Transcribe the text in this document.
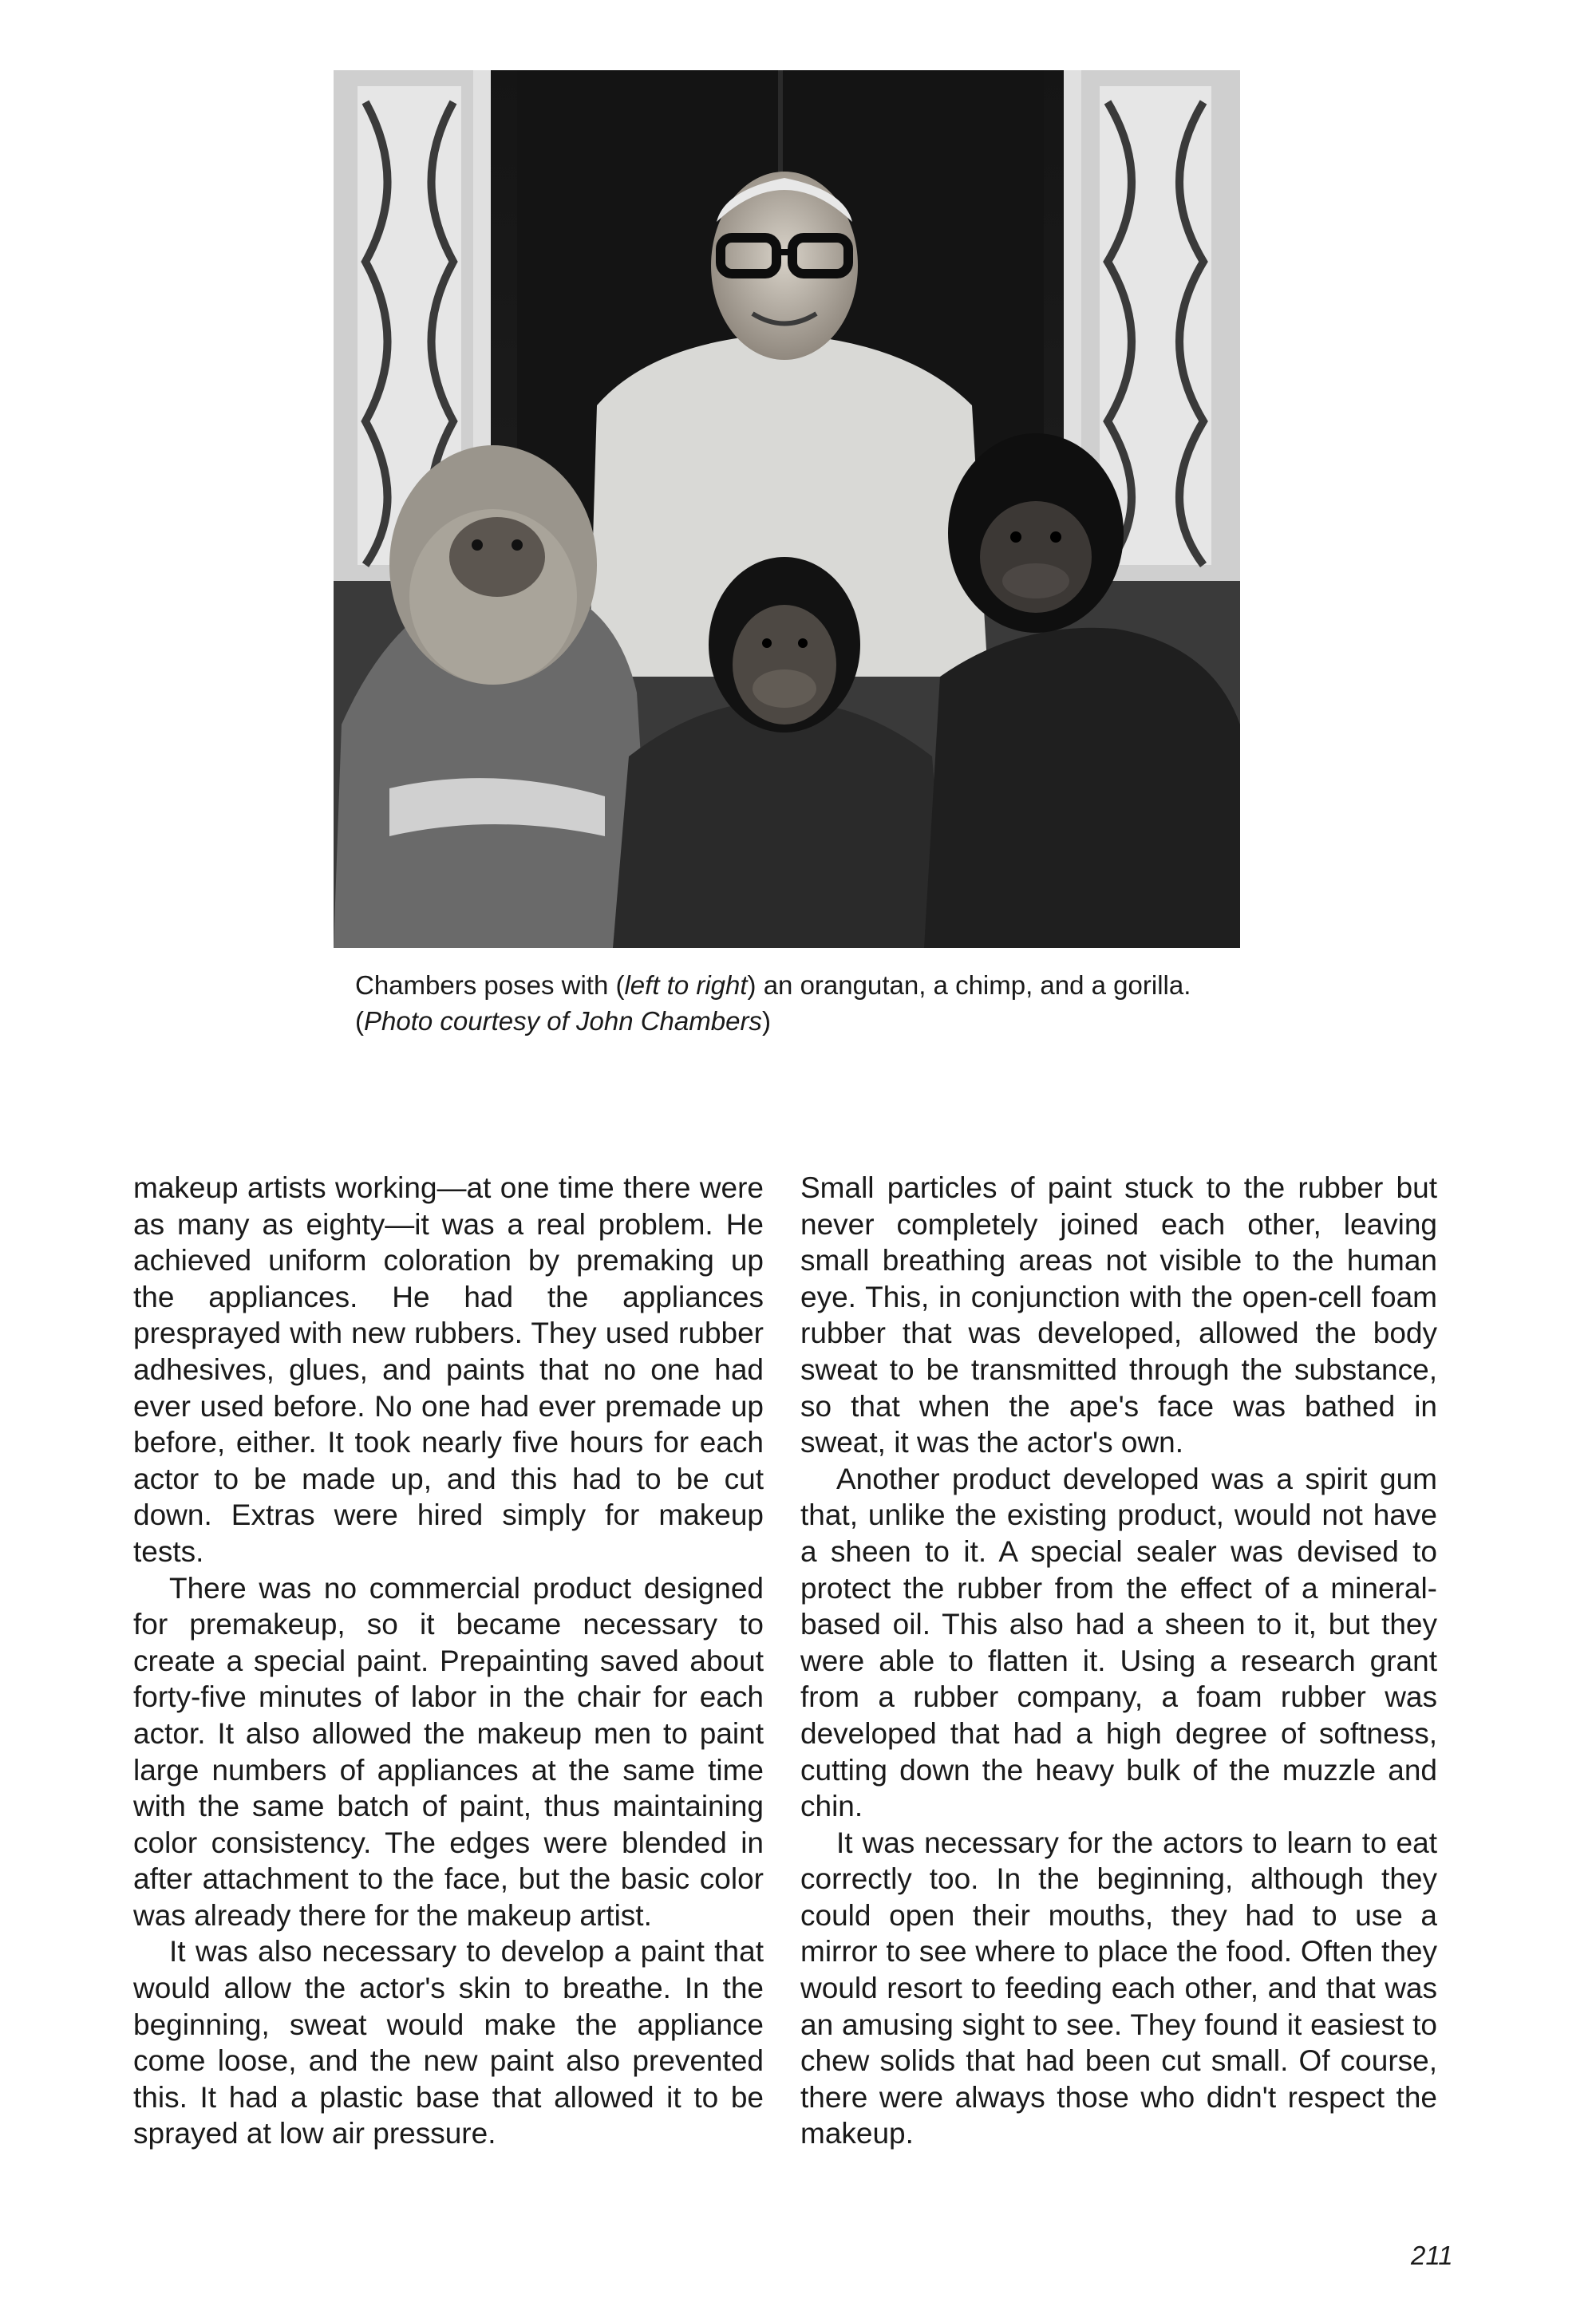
Chambers poses with (left to right) an orangutan, a chimp, and a gorilla. (Photo courtesy of John Chambers)

makeup artists working—at one time there were as many as eighty—it was a real problem. He achieved uniform coloration by premaking up the appliances. He had the appliances presprayed with new rubbers. They used rubber adhesives, glues, and paints that no one had ever used before. No one had ever premade up before, either. It took nearly five hours for each actor to be made up, and this had to be cut down. Extras were hired simply for makeup tests.

There was no commercial product designed for premakeup, so it became necessary to create a special paint. Prepainting saved about forty-five minutes of labor in the chair for each actor. It also allowed the makeup men to paint large numbers of appliances at the same time with the same batch of paint, thus maintaining color consistency. The edges were blended in after attachment to the face, but the basic color was already there for the makeup artist.

It was also necessary to develop a paint that would allow the actor's skin to breathe. In the beginning, sweat would make the appliance come loose, and the new paint also prevented this. It had a plastic base that allowed it to be sprayed at low air pressure.

Small particles of paint stuck to the rubber but never completely joined each other, leaving small breathing areas not visible to the human eye. This, in conjunction with the open-cell foam rubber that was developed, allowed the body sweat to be transmitted through the substance, so that when the ape's face was bathed in sweat, it was the actor's own.

Another product developed was a spirit gum that, unlike the existing product, would not have a sheen to it. A special sealer was devised to protect the rubber from the effect of a mineral-based oil. This also had a sheen to it, but they were able to flatten it. Using a research grant from a rubber company, a foam rubber was developed that had a high degree of softness, cutting down the heavy bulk of the muzzle and chin.

It was necessary for the actors to learn to eat correctly too. In the beginning, although they could open their mouths, they had to use a mirror to see where to place the food. Often they would resort to feeding each other, and that was an amusing sight to see. They found it easiest to chew solids that had been cut small. Of course, there were always those who didn't respect the makeup.

211
